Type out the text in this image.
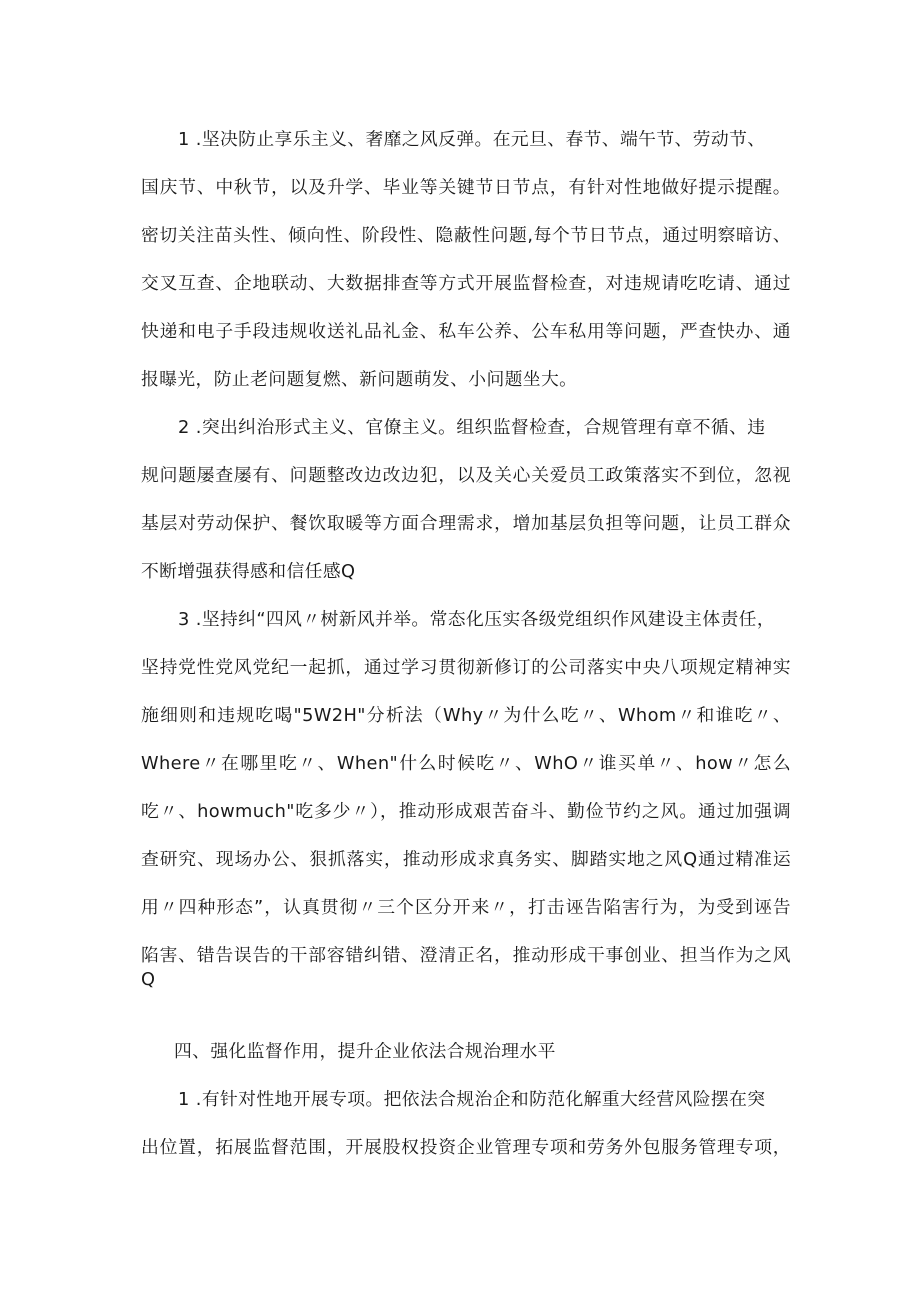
1 .坚决防止享乐主义、奢靡之风反弹。在元旦、春节、端午节、劳动节、
国庆节、中秋节，以及升学、毕业等关键节日节点，有针对性地做好提示提醒。
密切关注苗头性、倾向性、阶段性、隐蔽性问题,每个节日节点，通过明察暗访、
交叉互查、企地联动、大数据排查等方式开展监督检查，对违规请吃吃请、通过
快递和电子手段违规收送礼品礼金、私车公养、公车私用等问题，严查快办、通
报曝光，防止老问题复燃、新问题萌发、小问题坐大。
2 .突出纠治形式主义、官僚主义。组织监督检查，合规管理有章不循、违
规问题屡查屡有、问题整改边改边犯，以及关心关爱员工政策落实不到位，忽视
基层对劳动保护、餐饮取暖等方面合理需求，增加基层负担等问题，让员工群众
不断增强获得感和信任感Q
3 .坚持纠“四风〃树新风并举。常态化压实各级党组织作风建设主体责任，
坚持党性党风党纪一起抓，通过学习贯彻新修订的公司落实中央八项规定精神实
施细则和违规吃喝"5W2H"分析法（Why〃为什么吃〃、Whom〃和谁吃〃、
Where〃在哪里吃〃、When"什么时候吃〃、WhO〃谁买单〃、how〃怎么
吃〃、howmuch"吃多少〃），推动形成艰苦奋斗、勤俭节约之风。通过加强调
查研究、现场办公、狠抓落实，推动形成求真务实、脚踏实地之风Q通过精准运
用〃四种形态”，认真贯彻〃三个区分开来〃，打击诬告陷害行为，为受到诬告
陷害、错告误告的干部容错纠错、澄清正名，推动形成干事创业、担当作为之风
Q
四、强化监督作用，提升企业依法合规治理水平
1 .有针对性地开展专项。把依法合规治企和防范化解重大经营风险摆在突
出位置，拓展监督范围，开展股权投资企业管理专项和劳务外包服务管理专项，
